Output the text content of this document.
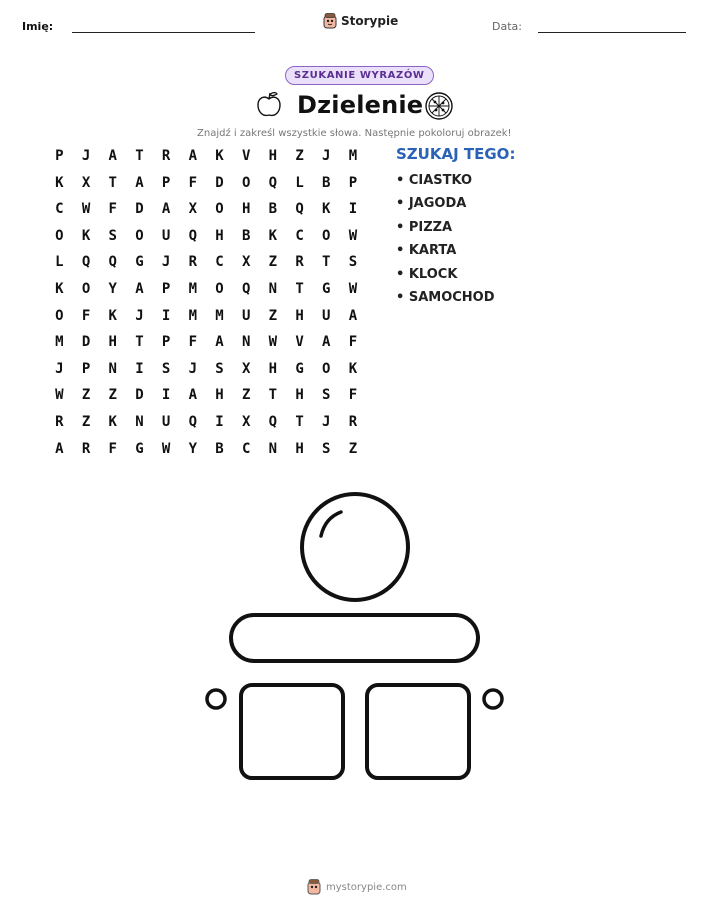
Imię:	Storypie	Data:
SZUKANIE WYRAZÓW
Dzielenie
Znajdź i zakreśl wszystkie słowa. Następnie pokoloruj obrazek!
P	J	A	T	R	A	K	V	H	Z	J	M
K	X	T	A	P	F	D	O	Q	L	B	P
C	W	F	D	A	X	O	H	B	Q	K	I
O	K	S	O	U	Q	H	B	K	C	O	W
L	Q	Q	G	J	R	C	X	Z	R	T	S
K	O	Y	A	P	M	O	Q	N	T	G	W
O	F	K	J	I	M	M	U	Z	H	U	A
M	D	H	T	P	F	A	N	W	V	A	F
J	P	N	I	S	J	S	X	H	G	O	K
W	Z	Z	D	I	A	H	Z	T	H	S	F
R	Z	K	N	U	Q	I	X	Q	T	J	R
A	R	F	G	W	Y	B	C	N	H	S	Z
SZUKAJ TEGO:
• CIASTKO
• JAGODA
• PIZZA
• KARTA
• KLOCK
• SAMOCHOD
mystorypie.com
